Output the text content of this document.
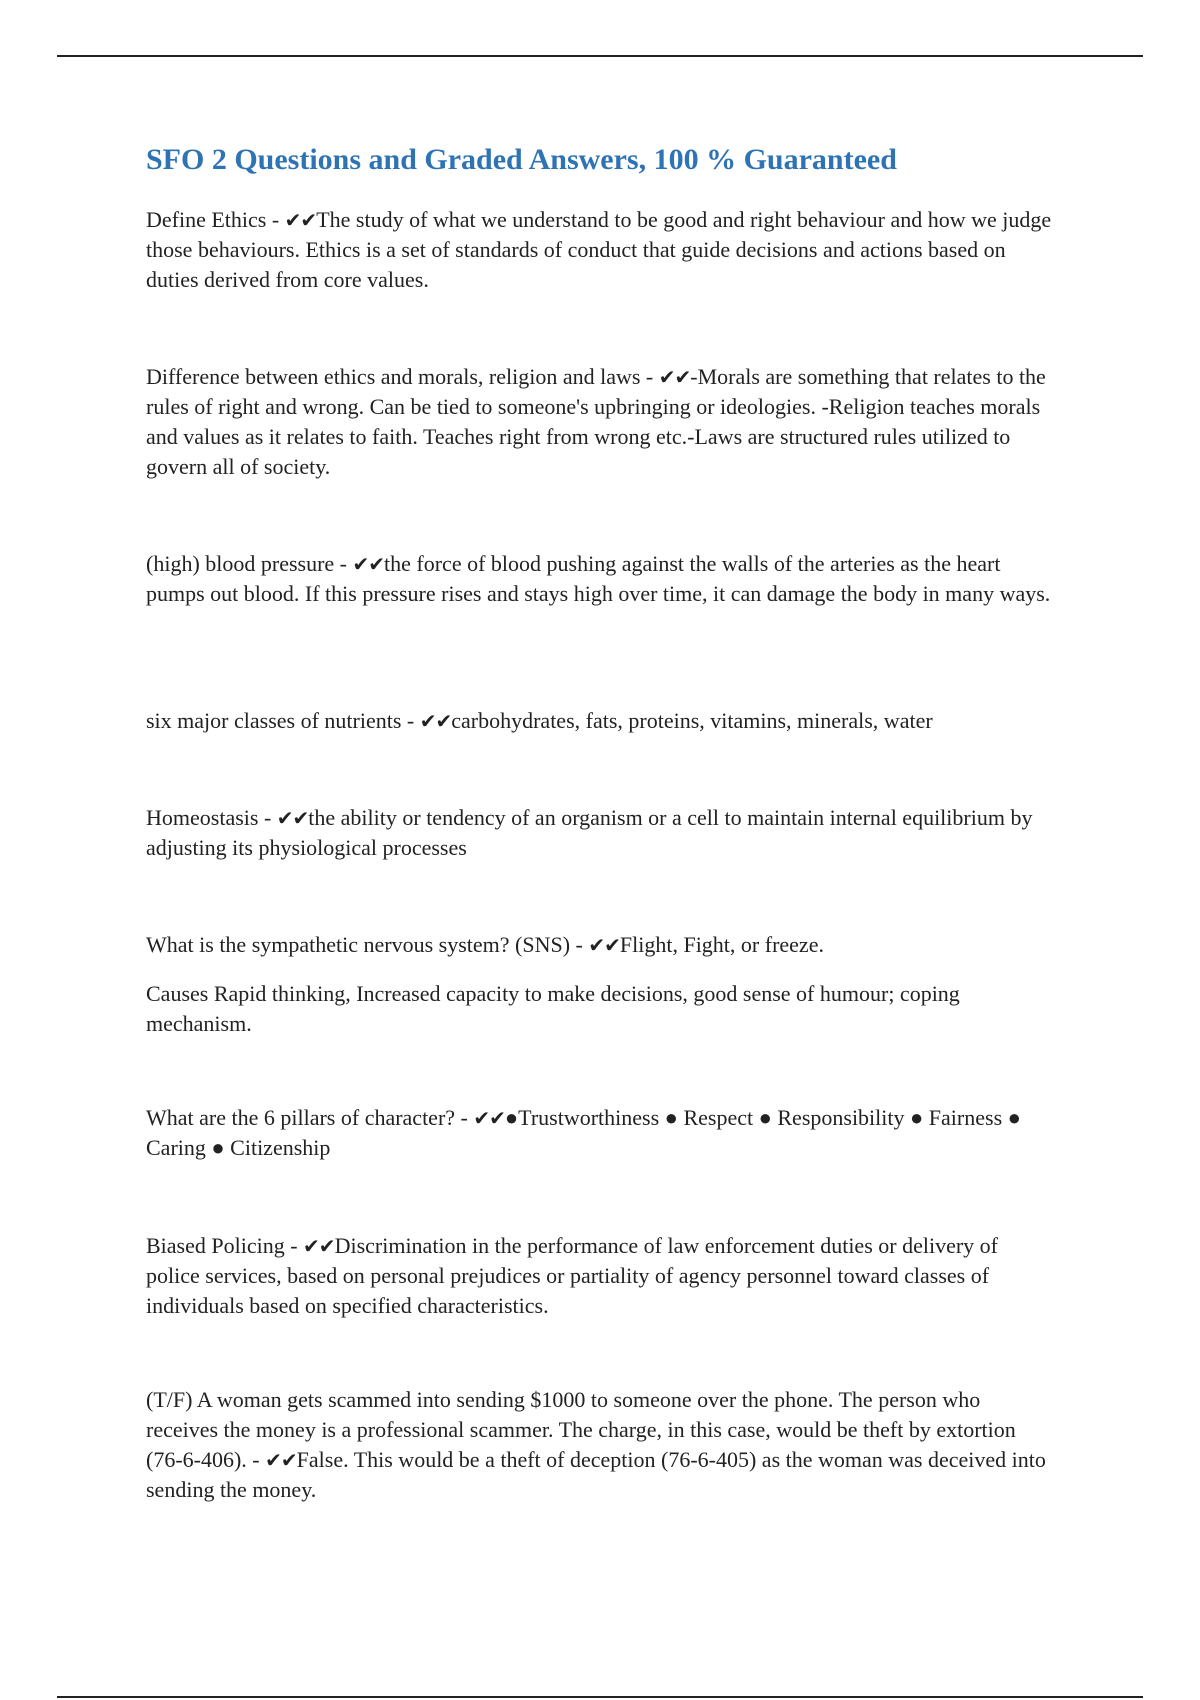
SFO 2 Questions and Graded Answers, 100 % Guaranteed

Define Ethics - ✔✔The study of what we understand to be good and right behaviour and how we judge those behaviours. Ethics is a set of standards of conduct that guide decisions and actions based on duties derived from core values.

Difference between ethics and morals, religion and laws - ✔✔-Morals are something that relates to the rules of right and wrong. Can be tied to someone's upbringing or ideologies. -Religion teaches morals and values as it relates to faith. Teaches right from wrong etc.-Laws are structured rules utilized to govern all of society.

(high) blood pressure - ✔✔the force of blood pushing against the walls of the arteries as the heart pumps out blood. If this pressure rises and stays high over time, it can damage the body in many ways.

six major classes of nutrients - ✔✔carbohydrates, fats, proteins, vitamins, minerals, water

Homeostasis - ✔✔the ability or tendency of an organism or a cell to maintain internal equilibrium by adjusting its physiological processes

What is the sympathetic nervous system? (SNS) - ✔✔Flight, Fight, or freeze.

Causes Rapid thinking, Increased capacity to make decisions, good sense of humour; coping mechanism.

What are the 6 pillars of character? - ✔✔●Trustworthiness ● Respect ● Responsibility ● Fairness ● Caring ● Citizenship

Biased Policing - ✔✔Discrimination in the performance of law enforcement duties or delivery of police services, based on personal prejudices or partiality of agency personnel toward classes of individuals based on specified characteristics.

(T/F) A woman gets scammed into sending $1000 to someone over the phone. The person who receives the money is a professional scammer. The charge, in this case, would be theft by extortion (76-6-406). - ✔✔False. This would be a theft of deception (76-6-405) as the woman was deceived into sending the money.
